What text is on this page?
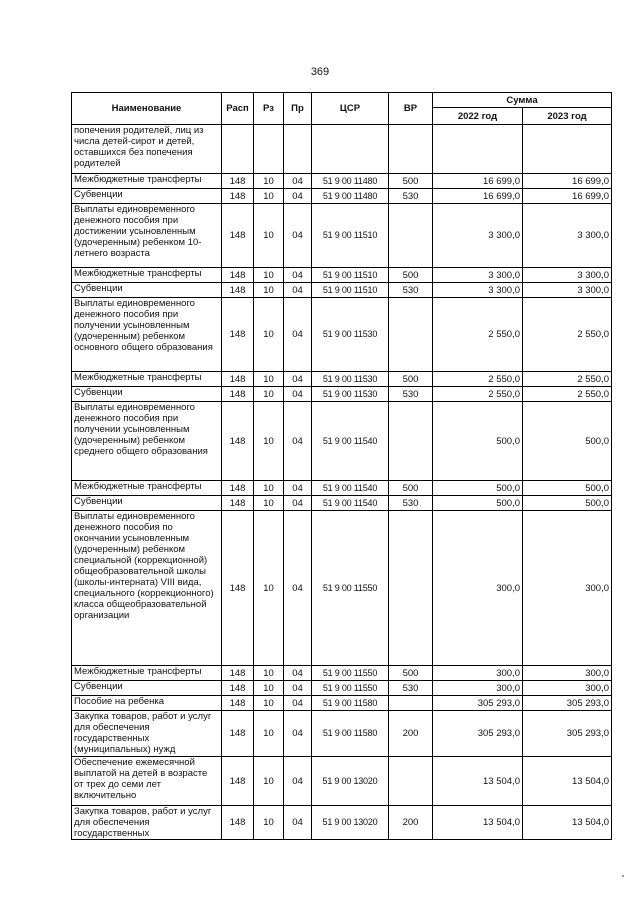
369
Наименование	Расп	Рз	Пр	ЦСР	ВР	Сумма	
						2022 год	2023 год
попечения родителей, лиц из числа детей-сирот и детей, оставшихся без попечения родителей							
Межбюджетные трансферты	148	10	04	51 9 00 11480	500	16 699,0	16 699,0
Субвенции	148	10	04	51 9 00 11480	530	16 699,0	16 699,0
Выплаты единовременного денежного пособия при достижении усыновленным (удочеренным) ребенком 10-летнего возраста	148	10	04	51 9 00 11510		3 300,0	3 300,0
Межбюджетные трансферты	148	10	04	51 9 00 11510	500	3 300,0	3 300,0
Субвенции	148	10	04	51 9 00 11510	530	3 300,0	3 300,0
Выплаты единовременного денежного пособия при получении усыновленным (удочеренным) ребенком основного общего образования	148	10	04	51 9 00 11530		2 550,0	2 550,0
Межбюджетные трансферты	148	10	04	51 9 00 11530	500	2 550,0	2 550,0
Субвенции	148	10	04	51 9 00 11530	530	2 550,0	2 550,0
Выплаты единовременного денежного пособия при получении усыновленным (удочеренным) ребенком среднего общего образования	148	10	04	51 9 00 11540		500,0	500,0
Межбюджетные трансферты	148	10	04	51 9 00 11540	500	500,0	500,0
Субвенции	148	10	04	51 9 00 11540	530	500,0	500,0
Выплаты единовременного денежного пособия по окончании усыновленным (удочеренным) ребенком специальной (коррекционной) общеобразовательной школы (школы-интерната) VIII вида, специального (коррекционного) класса общеобразовательной организации	148	10	04	51 9 00 11550		300,0	300,0
Межбюджетные трансферты	148	10	04	51 9 00 11550	500	300,0	300,0
Субвенции	148	10	04	51 9 00 11550	530	300,0	300,0
Пособие на ребенка	148	10	04	51 9 00 11580		305 293,0	305 293,0
Закупка товаров, работ и услуг для обеспечения государственных (муниципальных) нужд	148	10	04	51 9 00 11580	200	305 293,0	305 293,0
Обеспечение ежемесячной выплатой на детей в возрасте от трех до семи лет включительно	148	10	04	51 9 00 13020		13 504,0	13 504,0
Закупка товаров, работ и услуг для обеспечения государственных	148	10	04	51 9 00 13020	200	13 504,0	13 504,0
